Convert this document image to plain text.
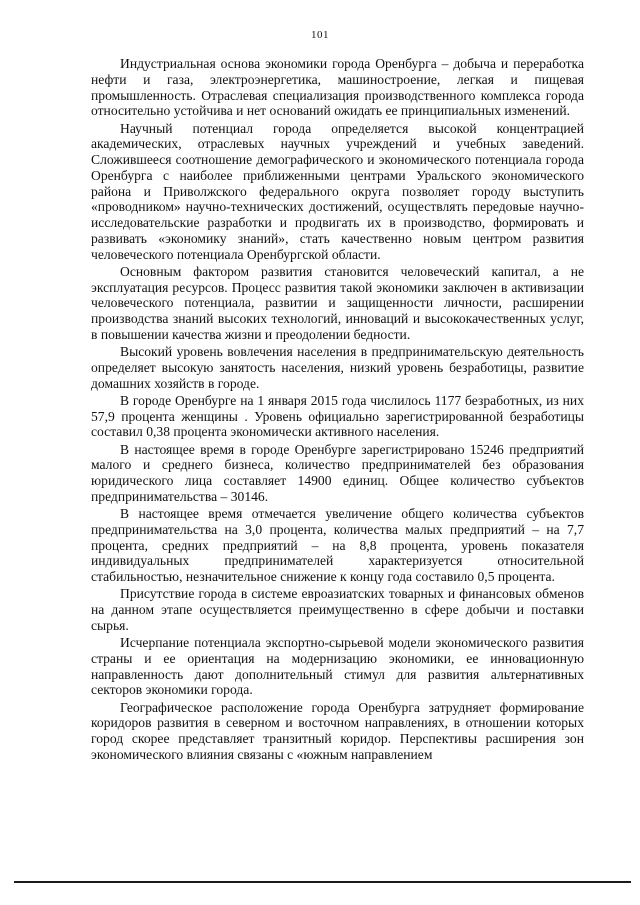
101

Индустриальная основа экономики города Оренбурга – добыча и переработка нефти и газа, электроэнергетика, машиностроение, легкая и пищевая промышленность. Отраслевая специализация производственного комплекса города относительно устойчива и нет оснований ожидать ее принципиальных изменений.

Научный потенциал города определяется высокой концентрацией академических, отраслевых научных учреждений и учебных заведений. Сложившееся соотношение демографического и экономического потенциала города Оренбурга с наиболее приближенными центрами Уральского экономического района и Приволжского федерального округа позволяет городу выступить «проводником» научно-технических достижений, осуществлять передовые научно-исследовательские разработки и продвигать их в производство, формировать и развивать «экономику знаний», стать качественно новым центром развития человеческого потенциала Оренбургской области.

Основным фактором развития становится человеческий капитал, а не эксплуатация ресурсов. Процесс развития такой экономики заключен в активизации человеческого потенциала, развитии и защищенности личности, расширении производства знаний высоких технологий, инноваций и высококачественных услуг, в повышении качества жизни и преодолении бедности.

Высокий уровень вовлечения населения в предпринимательскую деятельность определяет высокую занятость населения, низкий уровень безработицы, развитие домашних хозяйств в городе.

В городе Оренбурге на 1 января 2015 года числилось 1177 безработных, из них 57,9 процента женщины . Уровень официально зарегистрированной безработицы составил 0,38 процента экономически активного населения.

В настоящее время в городе Оренбурге зарегистрировано 15246 предприятий малого и среднего бизнеса, количество предпринимателей без образования юридического лица составляет 14900 единиц. Общее количество субъектов предпринимательства – 30146.

В настоящее время отмечается увеличение общего количества субъектов предпринимательства на 3,0 процента, количества малых предприятий – на 7,7 процента, средних предприятий – на 8,8 процента, уровень показателя индивидуальных предпринимателей характеризуется относительной стабильностью, незначительное снижение к концу года составило 0,5 процента.

Присутствие города в системе евроазиатских товарных и финансовых обменов на данном этапе осуществляется преимущественно в сфере добычи и поставки сырья.

Исчерпание потенциала экспортно-сырьевой модели экономического развития страны и ее ориентация на модернизацию экономики, ее инновационную направленность дают дополнительный стимул для развития альтернативных секторов экономики города.

Географическое расположение города Оренбурга затрудняет формирование коридоров развития в северном и восточном направлениях, в отношении которых город скорее представляет транзитный коридор. Перспективы расширения зон экономического влияния связаны с «южным направлением
